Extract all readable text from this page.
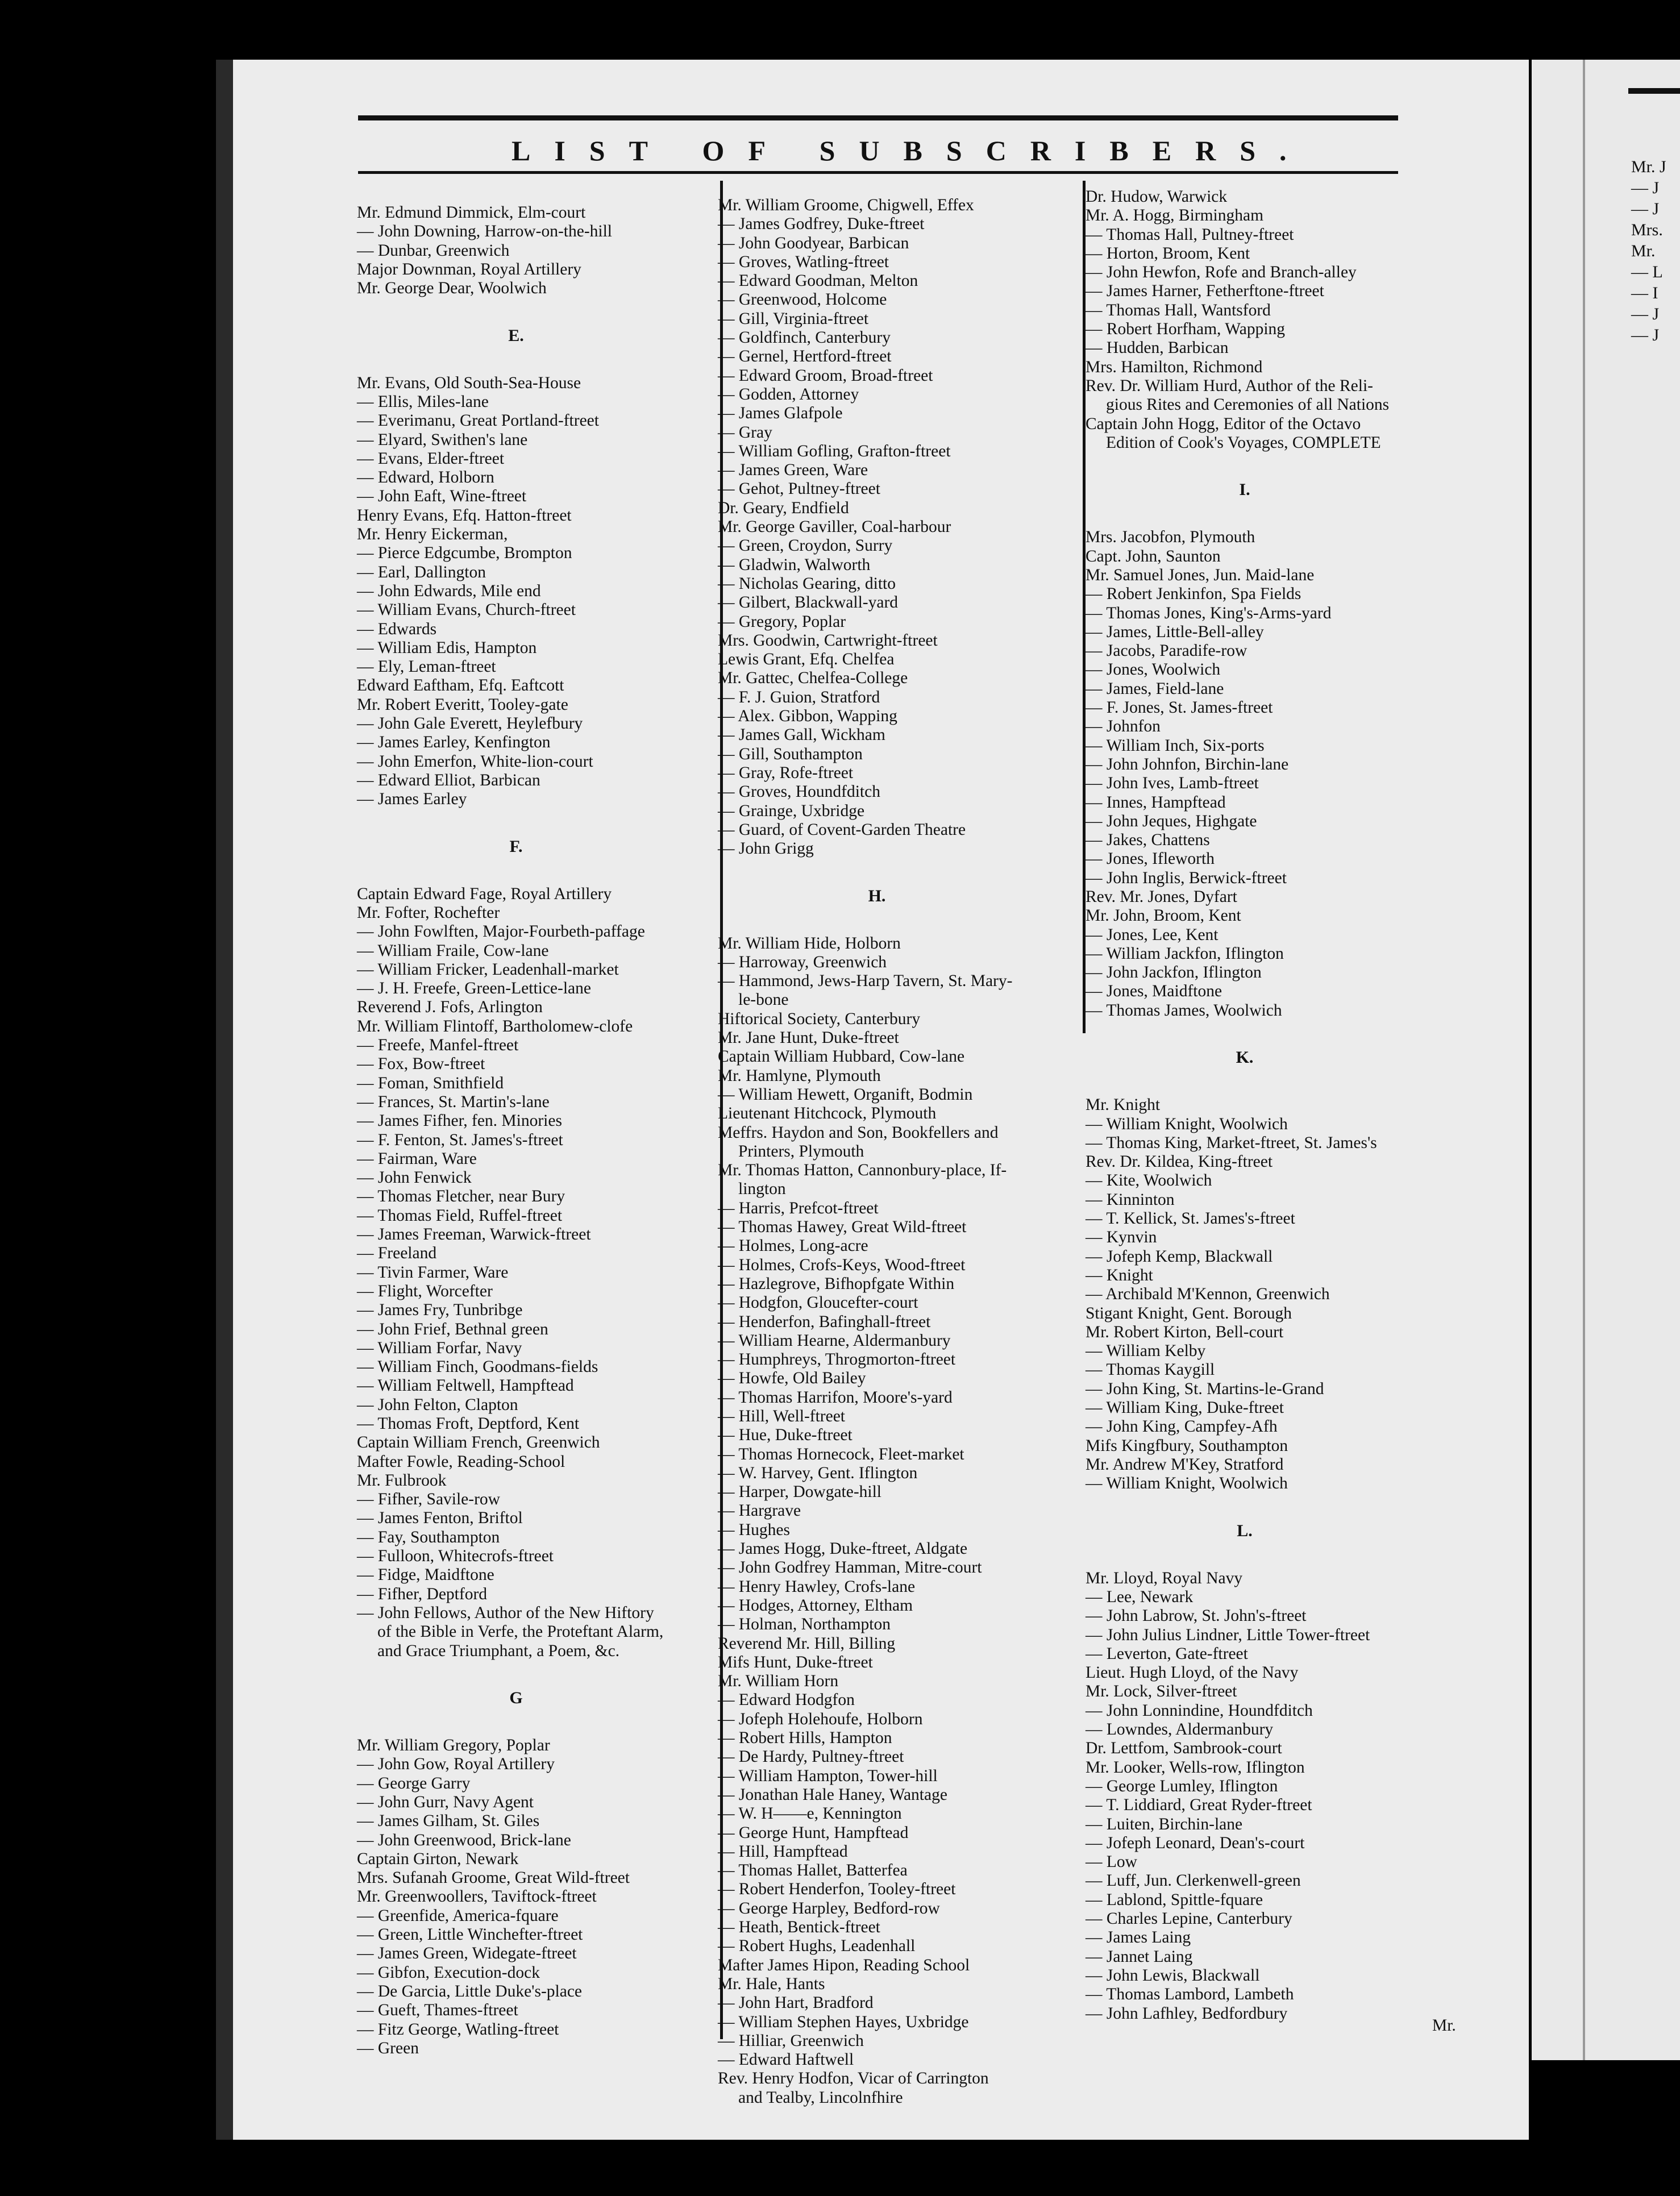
Mr. J
— J
— J
Mrs.
Mr.
— L
— I
— J
— J
LIST OF SUBSCRIBERS.
Mr. Edmund Dimmick, Elm-court
— John Downing, Harrow-on-the-hill
— Dunbar, Greenwich
Major Downman, Royal Artillery
Mr. George Dear, Woolwich
E.
Mr. Evans, Old South-Sea-House
— Ellis, Miles-lane
— Everimanu, Great Portland-ftreet
— Elyard, Swithen's lane
— Evans, Elder-ftreet
— Edward, Holborn
— John Eaft, Wine-ftreet
Henry Evans, Efq. Hatton-ftreet
Mr. Henry Eickerman,
— Pierce Edgcumbe, Brompton
— Earl, Dallington
— John Edwards, Mile end
— William Evans, Church-ftreet
— Edwards
— William Edis, Hampton
— Ely, Leman-ftreet
Edward Eaftham, Efq. Eaftcott
Mr. Robert Everitt, Tooley-gate
— John Gale Everett, Heylefbury
— James Earley, Kenfington
— John Emerfon, White-lion-court
— Edward Elliot, Barbican
— James Earley
F.
Captain Edward Fage, Royal Artillery
Mr. Fofter, Rochefter
— John Fowlften, Major-Fourbeth-paffage
— William Fraile, Cow-lane
— William Fricker, Leadenhall-market
— J. H. Freefe, Green-Lettice-lane
Reverend J. Fofs, Arlington
Mr. William Flintoff, Bartholomew-clofe
— Freefe, Manfel-ftreet
— Fox, Bow-ftreet
— Foman, Smithfield
— Frances, St. Martin's-lane
— James Fifher, fen. Minories
— F. Fenton, St. James's-ftreet
— Fairman, Ware
— John Fenwick
— Thomas Fletcher, near Bury
— Thomas Field, Ruffel-ftreet
— James Freeman, Warwick-ftreet
— Freeland
— Tivin Farmer, Ware
— Flight, Worcefter
— James Fry, Tunbribge
— John Frief, Bethnal green
— William Forfar, Navy
— William Finch, Goodmans-fields
— William Feltwell, Hampftead
— John Felton, Clapton
— Thomas Froft, Deptford, Kent
Captain William French, Greenwich
Mafter Fowle, Reading-School
Mr. Fulbrook
— Fifher, Savile-row
— James Fenton, Briftol
— Fay, Southampton
— Fulloon, Whitecrofs-ftreet
— Fidge, Maidftone
— Fifher, Deptford
— John Fellows, Author of the New Hiftory
of the Bible in Verfe, the Proteftant Alarm,
and Grace Triumphant, a Poem, &c.
G
Mr. William Gregory, Poplar
— John Gow, Royal Artillery
— George Garry
— John Gurr, Navy Agent
— James Gilham, St. Giles
— John Greenwood, Brick-lane
Captain Girton, Newark
Mrs. Sufanah Groome, Great Wild-ftreet
Mr. Greenwoollers, Taviftock-ftreet
— Greenfide, America-fquare
— Green, Little Winchefter-ftreet
— James Green, Widegate-ftreet
— Gibfon, Execution-dock
— De Garcia, Little Duke's-place
— Gueft, Thames-ftreet
— Fitz George, Watling-ftreet
— Green
Mr. William Groome, Chigwell, Effex
— James Godfrey, Duke-ftreet
— John Goodyear, Barbican
— Groves, Watling-ftreet
— Edward Goodman, Melton
— Greenwood, Holcome
— Gill, Virginia-ftreet
— Goldfinch, Canterbury
— Gernel, Hertford-ftreet
— Edward Groom, Broad-ftreet
— Godden, Attorney
— James Glafpole
— Gray
— William Gofling, Grafton-ftreet
— James Green, Ware
— Gehot, Pultney-ftreet
Dr. Geary, Endfield
Mr. George Gaviller, Coal-harbour
— Green, Croydon, Surry
— Gladwin, Walworth
— Nicholas Gearing, ditto
— Gilbert, Blackwall-yard
— Gregory, Poplar
Mrs. Goodwin, Cartwright-ftreet
Lewis Grant, Efq. Chelfea
Mr. Gattec, Chelfea-College
— F. J. Guion, Stratford
— Alex. Gibbon, Wapping
— James Gall, Wickham
— Gill, Southampton
— Gray, Rofe-ftreet
— Groves, Houndfditch
— Grainge, Uxbridge
— Guard, of Covent-Garden Theatre
— John Grigg
H.
Mr. William Hide, Holborn
— Harroway, Greenwich
— Hammond, Jews-Harp Tavern, St. Mary-
le-bone
Hiftorical Society, Canterbury
Mr. Jane Hunt, Duke-ftreet
Captain William Hubbard, Cow-lane
Mr. Hamlyne, Plymouth
— William Hewett, Organift, Bodmin
Lieutenant Hitchcock, Plymouth
Meffrs. Haydon and Son, Bookfellers and
Printers, Plymouth
Mr. Thomas Hatton, Cannonbury-place, If-
lington
— Harris, Prefcot-ftreet
— Thomas Hawey, Great Wild-ftreet
— Holmes, Long-acre
— Holmes, Crofs-Keys, Wood-ftreet
— Hazlegrove, Bifhopfgate Within
— Hodgfon, Gloucefter-court
— Henderfon, Bafinghall-ftreet
— William Hearne, Aldermanbury
— Humphreys, Throgmorton-ftreet
— Howfe, Old Bailey
— Thomas Harrifon, Moore's-yard
— Hill, Well-ftreet
— Hue, Duke-ftreet
— Thomas Hornecock, Fleet-market
— W. Harvey, Gent. Iflington
— Harper, Dowgate-hill
— Hargrave
— Hughes
— James Hogg, Duke-ftreet, Aldgate
— John Godfrey Hamman, Mitre-court
— Henry Hawley, Crofs-lane
— Hodges, Attorney, Eltham
— Holman, Northampton
Reverend Mr. Hill, Billing
Mifs Hunt, Duke-ftreet
Mr. William Horn
— Edward Hodgfon
— Jofeph Holehoufe, Holborn
— Robert Hills, Hampton
— De Hardy, Pultney-ftreet
— William Hampton, Tower-hill
— Jonathan Hale Haney, Wantage
— W. H——e, Kennington
— George Hunt, Hampftead
— Hill, Hampftead
— Thomas Hallet, Batterfea
— Robert Henderfon, Tooley-ftreet
— George Harpley, Bedford-row
— Heath, Bentick-ftreet
— Robert Hughs, Leadenhall
Mafter James Hipon, Reading School
Mr. Hale, Hants
— John Hart, Bradford
— William Stephen Hayes, Uxbridge
— Hilliar, Greenwich
— Edward Haftwell
Rev. Henry Hodfon, Vicar of Carrington
and Tealby, Lincolnfhire
Dr. Hudow, Warwick
Mr. A. Hogg, Birmingham
— Thomas Hall, Pultney-ftreet
— Horton, Broom, Kent
— John Hewfon, Rofe and Branch-alley
— James Harner, Fetherftone-ftreet
— Thomas Hall, Wantsford
— Robert Horfham, Wapping
— Hudden, Barbican
Mrs. Hamilton, Richmond
Rev. Dr. William Hurd, Author of the Reli-
gious Rites and Ceremonies of all Nations
Captain John Hogg, Editor of the Octavo
Edition of Cook's Voyages, COMPLETE
I.
Mrs. Jacobfon, Plymouth
Capt. John, Saunton
Mr. Samuel Jones, Jun. Maid-lane
— Robert Jenkinfon, Spa Fields
— Thomas Jones, King's-Arms-yard
— James, Little-Bell-alley
— Jacobs, Paradife-row
— Jones, Woolwich
— James, Field-lane
— F. Jones, St. James-ftreet
— Johnfon
— William Inch, Six-ports
— John Johnfon, Birchin-lane
— John Ives, Lamb-ftreet
— Innes, Hampftead
— John Jeques, Highgate
— Jakes, Chattens
— Jones, Ifleworth
— John Inglis, Berwick-ftreet
Rev. Mr. Jones, Dyfart
Mr. John, Broom, Kent
— Jones, Lee, Kent
— William Jackfon, Iflington
— John Jackfon, Iflington
— Jones, Maidftone
— Thomas James, Woolwich
K.
Mr. Knight
— William Knight, Woolwich
— Thomas King, Market-ftreet, St. James's
Rev. Dr. Kildea, King-ftreet
— Kite, Woolwich
— Kinninton
— T. Kellick, St. James's-ftreet
— Kynvin
— Jofeph Kemp, Blackwall
— Knight
— Archibald M'Kennon, Greenwich
Stigant Knight, Gent. Borough
Mr. Robert Kirton, Bell-court
— William Kelby
— Thomas Kaygill
— John King, St. Martins-le-Grand
— William King, Duke-ftreet
— John King, Campfey-Afh
Mifs Kingfbury, Southampton
Mr. Andrew M'Key, Stratford
— William Knight, Woolwich
L.
Mr. Lloyd, Royal Navy
— Lee, Newark
— John Labrow, St. John's-ftreet
— John Julius Lindner, Little Tower-ftreet
— Leverton, Gate-ftreet
Lieut. Hugh Lloyd, of the Navy
Mr. Lock, Silver-ftreet
— John Lonnindine, Houndfditch
— Lowndes, Aldermanbury
Dr. Lettfom, Sambrook-court
Mr. Looker, Wells-row, Iflington
— George Lumley, Iflington
— T. Liddiard, Great Ryder-ftreet
— Luiten, Birchin-lane
— Jofeph Leonard, Dean's-court
— Low
— Luff, Jun. Clerkenwell-green
— Lablond, Spittle-fquare
— Charles Lepine, Canterbury
— James Laing
— Jannet Laing
— John Lewis, Blackwall
— Thomas Lambord, Lambeth
— John Lafhley, Bedfordbury
Mr.
